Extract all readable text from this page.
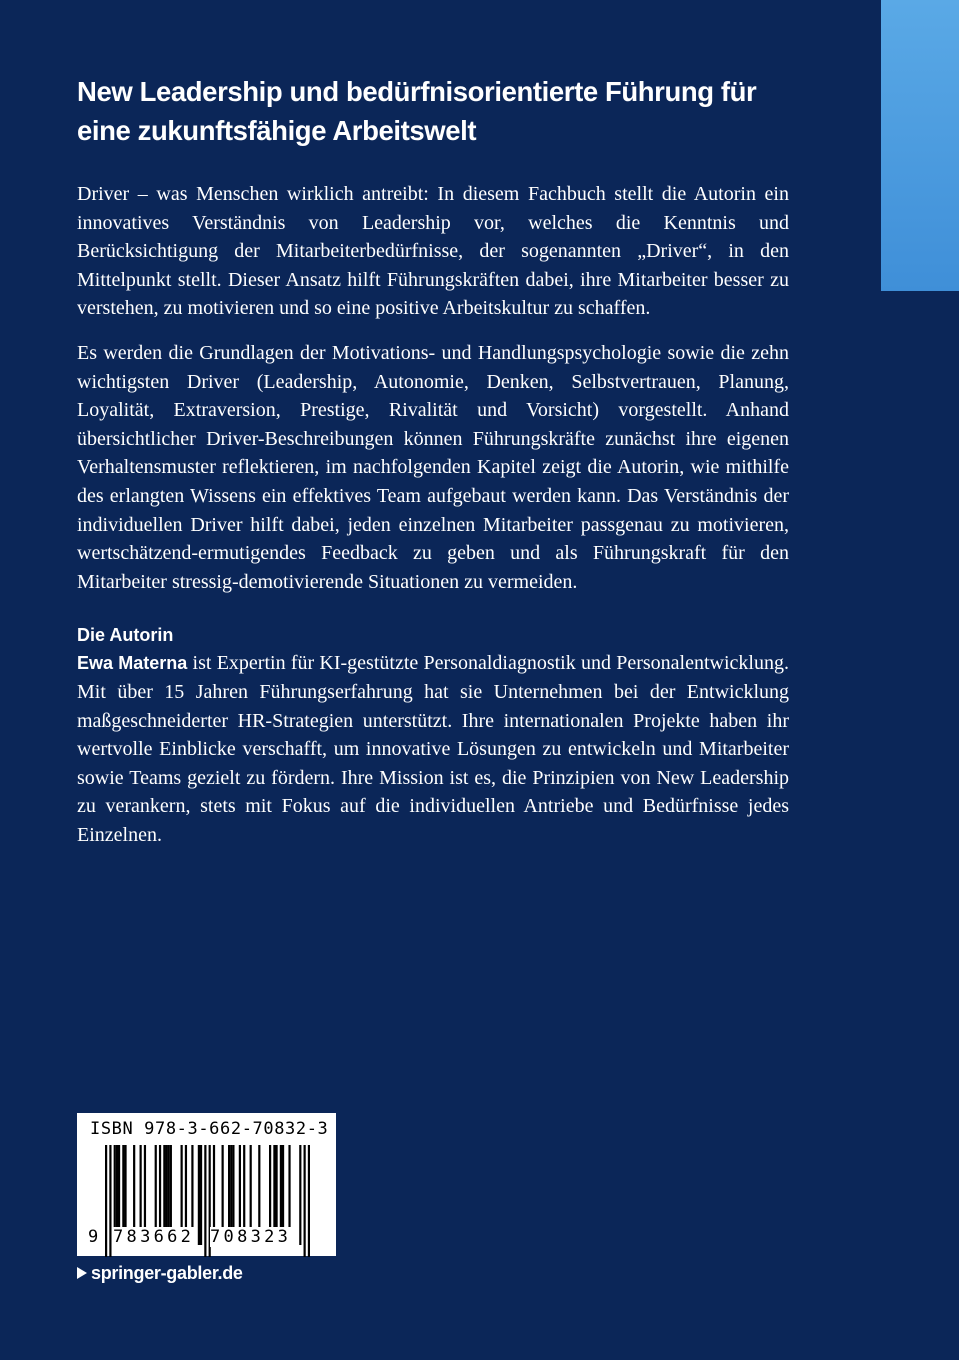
New Leadership und bedürfnisorientierte Führung für eine zukunftsfähige Arbeitswelt

Driver – was Menschen wirklich antreibt: In diesem Fachbuch stellt die Autorin ein innovatives Verständnis von Leadership vor, welches die Kenntnis und Berücksichtigung der Mitarbeiterbedürfnisse, der sogenannten „Driver“, in den Mittelpunkt stellt. Dieser Ansatz hilft Führungskräften dabei, ihre Mitarbeiter besser zu verstehen, zu motivieren und so eine positive Arbeitskultur zu schaffen.

Es werden die Grundlagen der Motivations- und Handlungspsychologie sowie die zehn wichtigsten Driver (Leadership, Autonomie, Denken, Selbstvertrauen, Planung, Loyalität, Extraversion, Prestige, Rivalität und Vorsicht) vorgestellt. Anhand übersichtlicher Driver-Beschreibungen können Führungskräfte zunächst ihre eigenen Verhaltensmuster reflektieren, im nachfolgenden Kapitel zeigt die Autorin, wie mithilfe des erlangten Wissens ein effektives Team aufgebaut werden kann. Das Verständnis der individuellen Driver hilft dabei, jeden einzelnen Mitarbeiter passgenau zu motivieren, wertschätzend-ermutigendes Feedback zu geben und als Führungskraft für den Mitarbeiter stressig-demotivierende Situationen zu vermeiden.

Die Autorin

Ewa Materna ist Expertin für KI-gestützte Personaldiagnostik und Personalentwicklung. Mit über 15 Jahren Führungserfahrung hat sie Unternehmen bei der Entwicklung maßgeschneiderter HR-Strategien unterstützt. Ihre internationalen Projekte haben ihr wertvolle Einblicke verschafft, um innovative Lösungen zu entwickeln und Mitarbeiter sowie Teams gezielt zu fördern. Ihre Mission ist es, die Prinzipien von New Leadership zu verankern, stets mit Fokus auf die individuellen Antriebe und Bedürfnisse jedes Einzelnen.

ISBN 978-3-662-70832-3
9 783662 708323
springer-gabler.de
